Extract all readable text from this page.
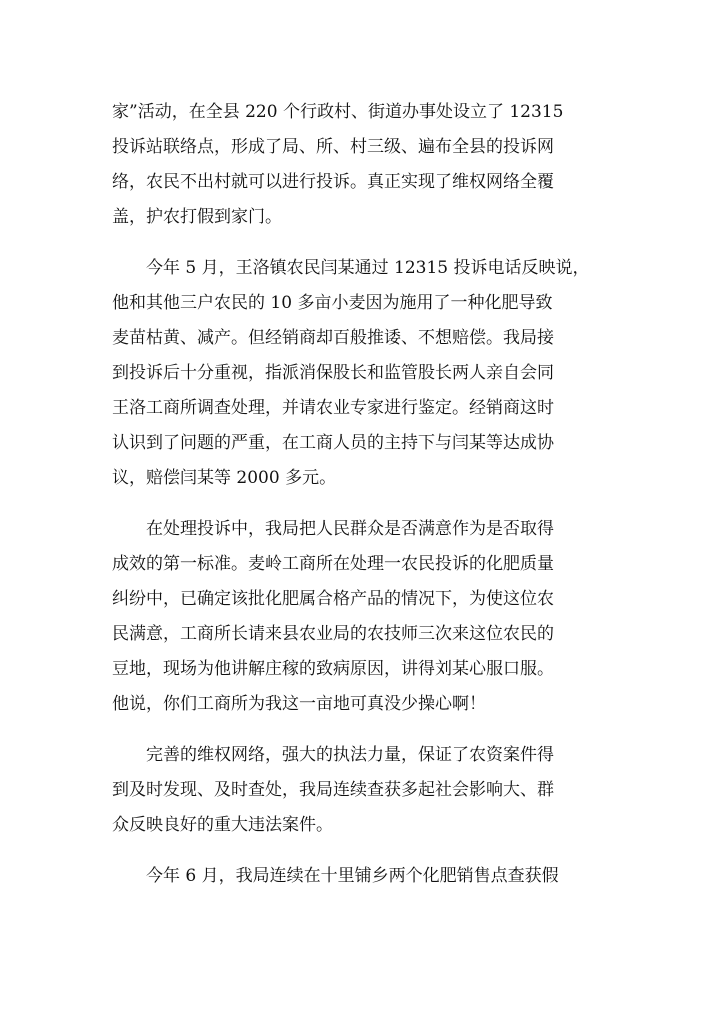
家”活动，在全县 220 个行政村、街道办事处设立了 12315
投诉站联络点，形成了局、所、村三级、遍布全县的投诉网
络，农民不出村就可以进行投诉。真正实现了维权网络全覆
盖，护农打假到家门。
今年 5 月，王洛镇农民闫某通过 12315 投诉电话反映说，
他和其他三户农民的 10 多亩小麦因为施用了一种化肥导致
麦苗枯黄、减产。但经销商却百般推诿、不想赔偿。我局接
到投诉后十分重视，指派消保股长和监管股长两人亲自会同
王洛工商所调查处理，并请农业专家进行鉴定。经销商这时
认识到了问题的严重，在工商人员的主持下与闫某等达成协
议，赔偿闫某等 2000 多元。
在处理投诉中，我局把人民群众是否满意作为是否取得
成效的第一标准。麦岭工商所在处理一农民投诉的化肥质量
纠纷中，已确定该批化肥属合格产品的情况下，为使这位农
民满意，工商所长请来县农业局的农技师三次来这位农民的
豆地，现场为他讲解庄稼的致病原因，讲得刘某心服口服。
他说，你们工商所为我这一亩地可真没少操心啊！
完善的维权网络，强大的执法力量，保证了农资案件得
到及时发现、及时查处，我局连续查获多起社会影响大、群
众反映良好的重大违法案件。
今年 6 月，我局连续在十里铺乡两个化肥销售点查获假
